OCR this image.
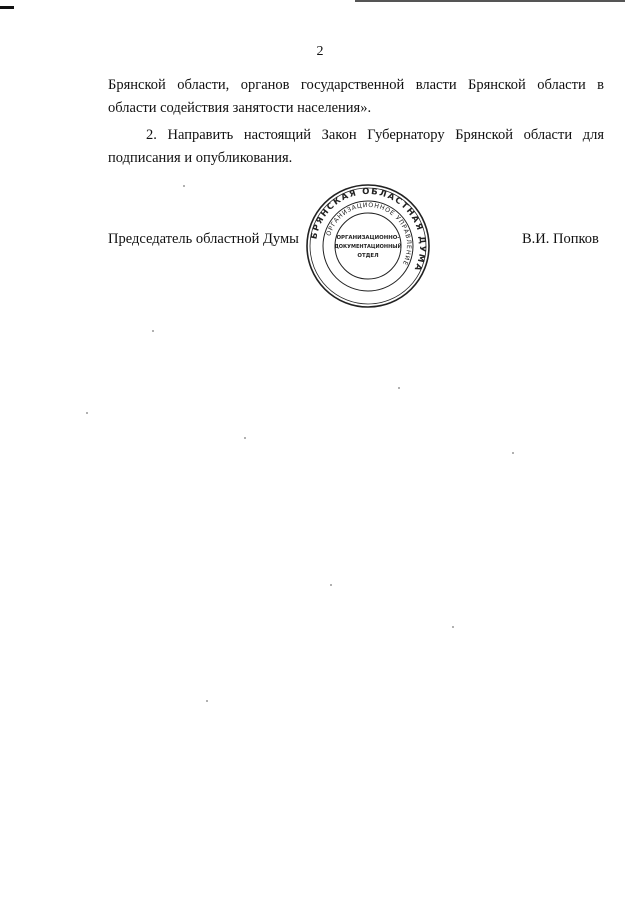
2
Брянской области, органов государственной власти Брянской области в
области содействия занятости населения».
2. Направить настоящий Закон Губернатору Брянской области для
подписания и опубликования.
Председатель областной Думы	В.И. Попков
БРЯНСКАЯ ОБЛАСТНАЯ ДУМА
ОРГАНИЗАЦИОННОЕ УПРАВЛЕНИЕ
ОРГАНИЗАЦИОННО-
ДОКУМЕНТАЦИОННЫЙ
ОТДЕЛ
